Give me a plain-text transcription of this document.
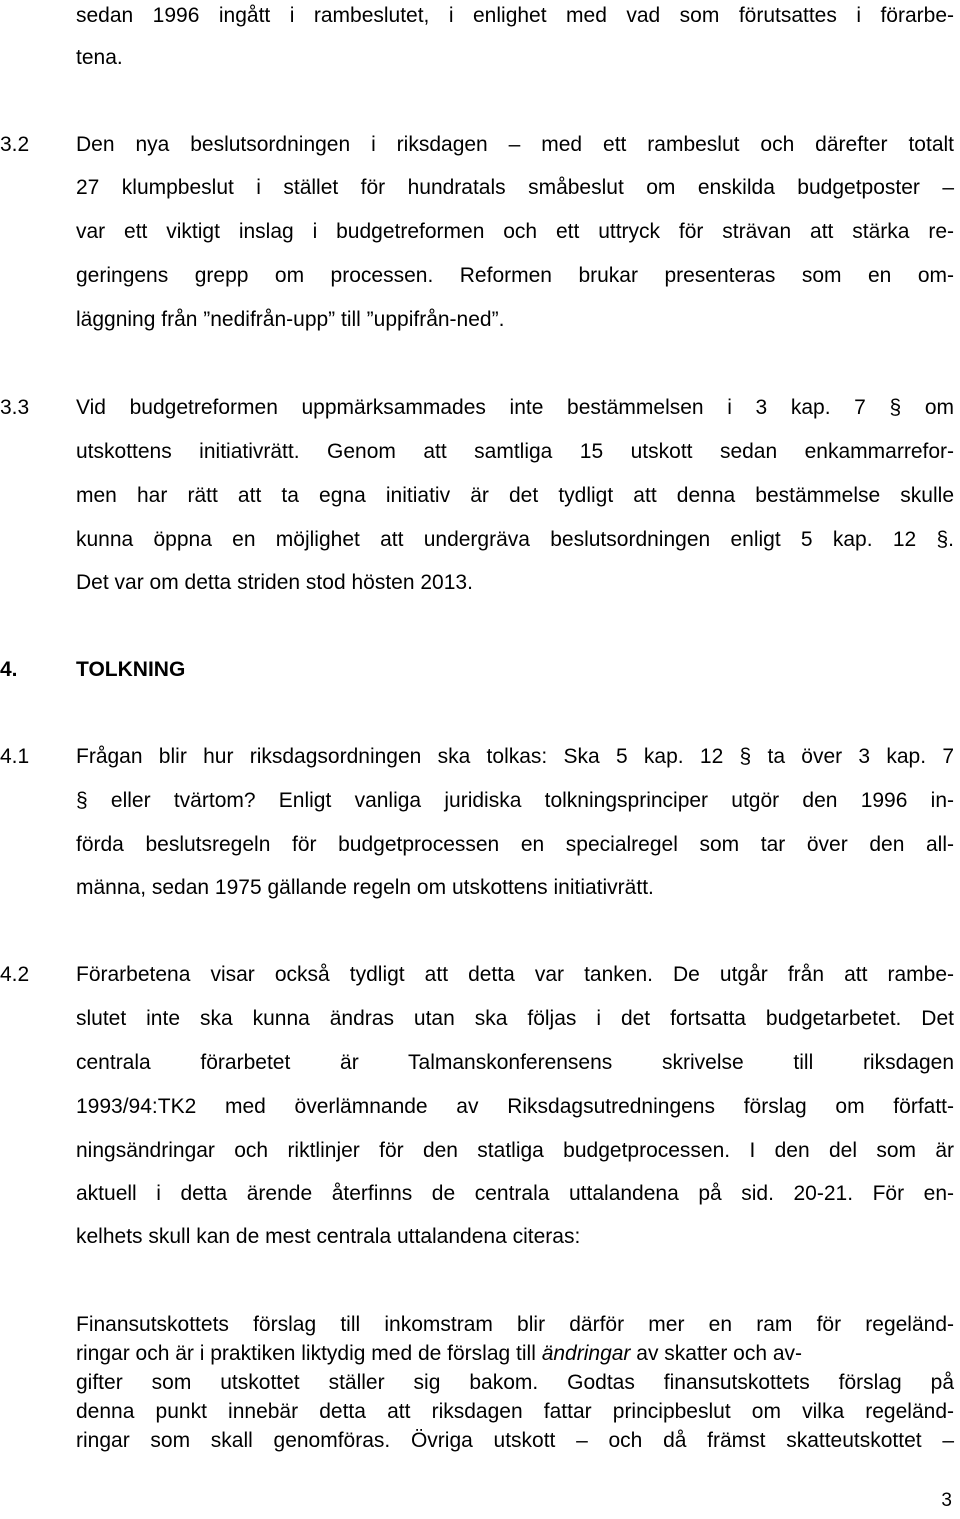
sedan 1996 ingått i rambeslutet, i enlighet med vad som förutsattes i förarbe-
tena.
3.2 Den nya beslutsordningen i riksdagen – med ett rambeslut och därefter totalt
27 klumpbeslut i stället för hundratals småbeslut om enskilda budgetposter –
var ett viktigt inslag i budgetreformen och ett uttryck för strävan att stärka re-
geringens grepp om processen. Reformen brukar presenteras som en om-
läggning från ”nedifrån-upp” till ”uppifrån-ned”.
3.3 Vid budgetreformen uppmärksammades inte bestämmelsen i 3 kap. 7 § om
utskottens initiativrätt. Genom att samtliga 15 utskott sedan enkammarrefor-
men har rätt att ta egna initiativ är det tydligt att denna bestämmelse skulle
kunna öppna en möjlighet att undergräva beslutsordningen enligt 5 kap. 12 §.
Det var om detta striden stod hösten 2013.
4.	TOLKNING
4.1 Frågan blir hur riksdagsordningen ska tolkas: Ska 5 kap. 12 § ta över 3 kap. 7
§ eller tvärtom? Enligt vanliga juridiska tolkningsprinciper utgör den 1996 in-
förda beslutsregeln för budgetprocessen en specialregel som tar över den all-
männa, sedan 1975 gällande regeln om utskottens initiativrätt.
4.2 Förarbetena visar också tydligt att detta var tanken. De utgår från att rambe-
slutet inte ska kunna ändras utan ska följas i det fortsatta budgetarbetet. Det
centrala förarbetet är Talmanskonferensens skrivelse till riksdagen
1993/94:TK2 med överlämnande av Riksdagsutredningens förslag om författ-
ningsändringar och riktlinjer för den statliga budgetprocessen. I den del som är
aktuell i detta ärende återfinns de centrala uttalandena på sid. 20-21. För en-
kelhets skull kan de mest centrala uttalandena citeras:
Finansutskottets förslag till inkomstram blir därför mer en ram för regeländ-
ringar och är i praktiken liktydig med de förslag till ändringar av skatter och av-
gifter som utskottet ställer sig bakom. Godtas finansutskottets förslag på
denna punkt innebär detta att riksdagen fattar principbeslut om vilka regeländ-
ringar som skall genomföras. Övriga utskott – och då främst skatteutskottet –
3
